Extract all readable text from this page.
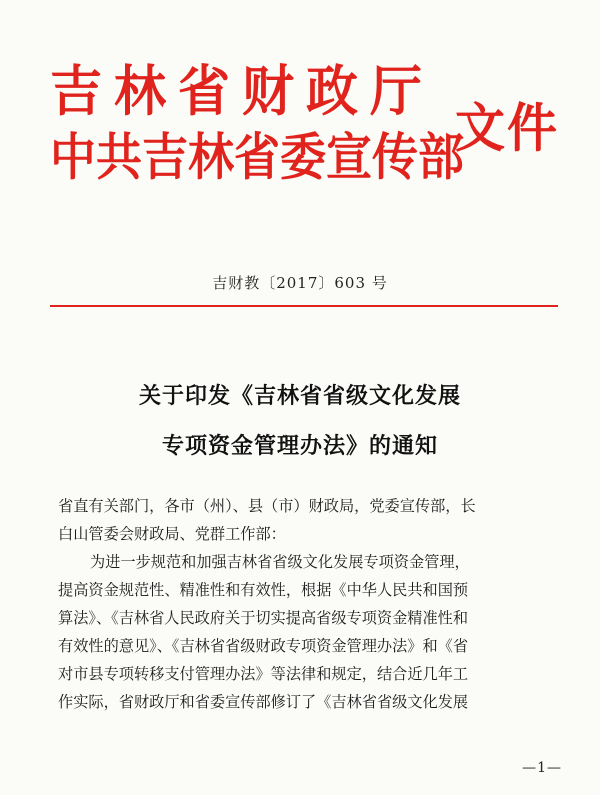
吉林省财政厅
中共吉林省委宣传部
文件
吉财教〔2017〕603 号
关于印发《吉林省省级文化发展
专项资金管理办法》的通知

省直有关部门，各市（州）、县（市）财政局，党委宣传部，长
白山管委会财政局、党群工作部：

为进一步规范和加强吉林省省级文化发展专项资金管理，
提高资金规范性、精准性和有效性，根据《中华人民共和国预
算法》、《吉林省人民政府关于切实提高省级专项资金精准性和
有效性的意见》、《吉林省省级财政专项资金管理办法》和《省
对市县专项转移支付管理办法》等法律和规定，结合近几年工
作实际，省财政厅和省委宣传部修订了《吉林省省级文化发展

—1—
